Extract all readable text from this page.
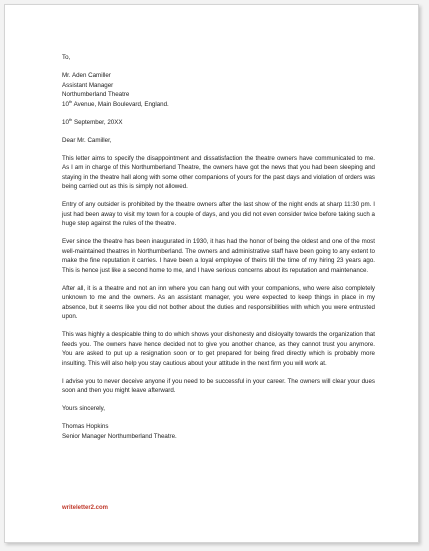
To,

Mr. Aden Camiller
Assistant Manager
Northumberland Theatre
10th Avenue, Main Boulevard, England.

10th September, 20XX

Dear Mr. Camiller,

This letter aims to specify the disappointment and dissatisfaction the theatre owners have communicated to me. As I am in charge of this Northumberland Theatre, the owners have got the news that you had been sleeping and staying in the theatre hall along with some other companions of yours for the past days and violation of orders was being carried out as this is simply not allowed.

Entry of any outsider is prohibited by the theatre owners after the last show of the night ends at sharp 11:30 pm. I just had been away to visit my town for a couple of days, and you did not even consider twice before taking such a huge step against the rules of the theatre.

Ever since the theatre has been inaugurated in 1930, it has had the honor of being the oldest and one of the most well-maintained theatres in Northumberland. The owners and administrative staff have been going to any extent to make the fine reputation it carries. I have been a loyal employee of theirs till the time of my hiring 23 years ago. This is hence just like a second home to me, and I have serious concerns about its reputation and maintenance.

After all, it is a theatre and not an inn where you can hang out with your companions, who were also completely unknown to me and the owners. As an assistant manager, you were expected to keep things in place in my absence, but it seems like you did not bother about the duties and responsibilities with which you were entrusted upon.

This was highly a despicable thing to do which shows your dishonesty and disloyalty towards the organization that feeds you. The owners have hence decided not to give you another chance, as they cannot trust you anymore. You are asked to put up a resignation soon or to get prepared for being fired directly which is probably more insulting. This will also help you stay cautious about your attitude in the next firm you will work at.

I advise you to never deceive anyone if you need to be successful in your career. The owners will clear your dues soon and then you might leave afterward.

Yours sincerely,

Thomas Hopkins
Senior Manager Northumberland Theatre.

writeletter2.com
